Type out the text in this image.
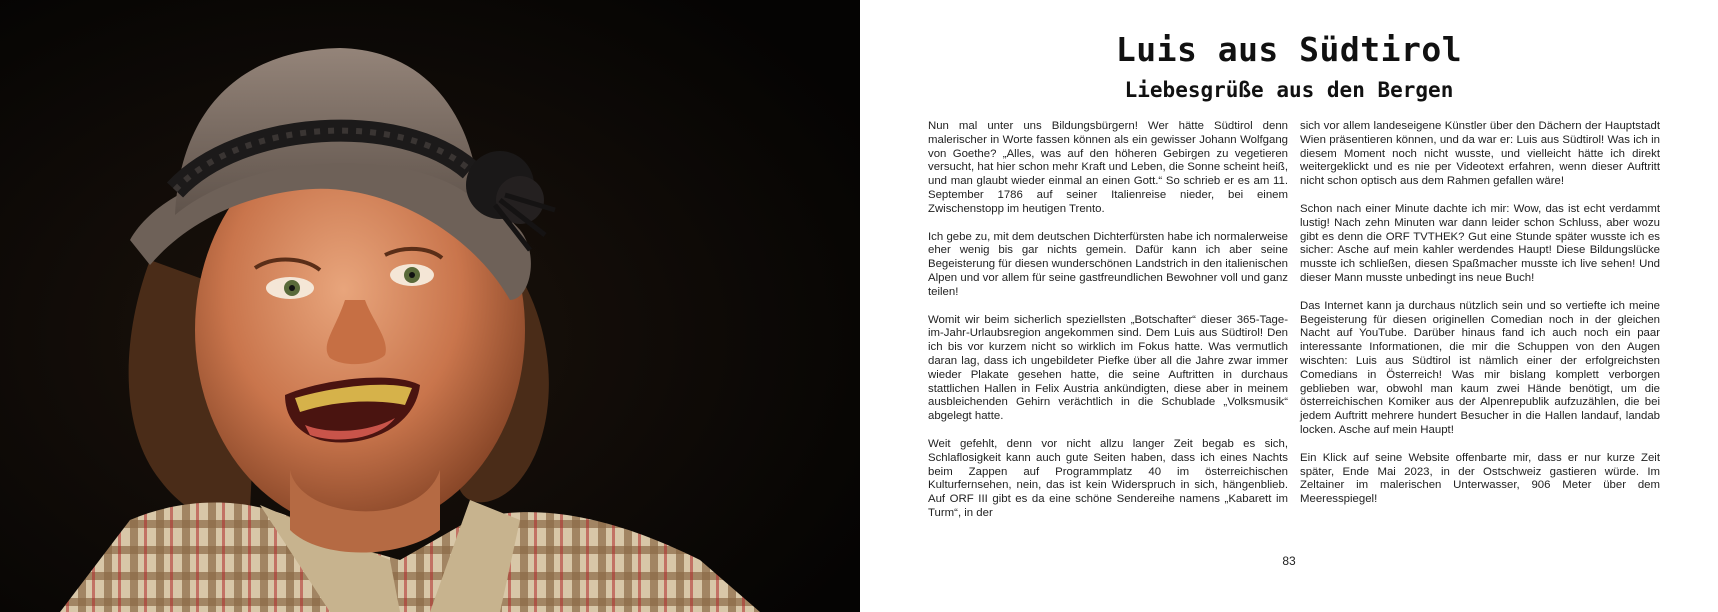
Luis aus Südtirol
Liebesgrüße aus den Bergen

Nun mal unter uns Bildungsbürgern! Wer hätte Südtirol denn malerischer in Worte fassen können als ein gewisser Johann Wolfgang von Goethe? „Alles, was auf den höheren Gebirgen zu vegetieren versucht, hat hier schon mehr Kraft und Leben, die Sonne scheint heiß, und man glaubt wieder einmal an einen Gott.“ So schrieb er es am 11. September 1786 auf seiner Italienreise nieder, bei einem Zwischenstopp im heutigen Trento.

Ich gebe zu, mit dem deutschen Dichterfürsten habe ich normalerweise eher wenig bis gar nichts gemein. Dafür kann ich aber seine Begeisterung für diesen wunderschönen Landstrich in den italienischen Alpen und vor allem für seine gastfreundlichen Bewohner voll und ganz teilen!

Womit wir beim sicherlich speziellsten „Botschafter“ dieser 365-Tage-im-Jahr-Urlaubsregion angekommen sind. Dem Luis aus Südtirol! Den ich bis vor kurzem nicht so wirklich im Fokus hatte. Was vermutlich daran lag, dass ich ungebildeter Piefke über all die Jahre zwar immer wieder Plakate gesehen hatte, die seine Auftritten in durchaus stattlichen Hallen in Felix Austria ankündigten, diese aber in meinem ausbleichenden Gehirn verächtlich in die Schublade „Volksmusik“ abgelegt hatte.

Weit gefehlt, denn vor nicht allzu langer Zeit begab es sich, Schlaflosigkeit kann auch gute Seiten haben, dass ich eines Nachts beim Zappen auf Programmplatz 40 im österreichischen Kulturfernsehen, nein, das ist kein Widerspruch in sich, hängenblieb. Auf ORF III gibt es da eine schöne Sendereihe namens „Kabarett im Turm“, in der

sich vor allem landeseigene Künstler über den Dächern der Hauptstadt Wien präsentieren können, und da war er: Luis aus Südtirol! Was ich in diesem Moment noch nicht wusste, und vielleicht hätte ich direkt weitergeklickt und es nie per Videotext erfahren, wenn dieser Auftritt nicht schon optisch aus dem Rahmen gefallen wäre!

Schon nach einer Minute dachte ich mir: Wow, das ist echt verdammt lustig! Nach zehn Minuten war dann leider schon Schluss, aber wozu gibt es denn die ORF TVTHEK? Gut eine Stunde später wusste ich es sicher: Asche auf mein kahler werdendes Haupt! Diese Bildungslücke musste ich schließen, diesen Spaßmacher musste ich live sehen! Und dieser Mann musste unbedingt ins neue Buch!

Das Internet kann ja durchaus nützlich sein und so vertiefte ich meine Begeisterung für diesen originellen Comedian noch in der gleichen Nacht auf YouTube. Darüber hinaus fand ich auch noch ein paar interessante Informationen, die mir die Schuppen von den Augen wischten: Luis aus Südtirol ist nämlich einer der erfolgreichsten Comedians in Österreich! Was mir bislang komplett verborgen geblieben war, obwohl man kaum zwei Hände benötigt, um die österreichischen Komiker aus der Alpenrepublik aufzuzählen, die bei jedem Auftritt mehrere hundert Besucher in die Hallen landauf, landab locken. Asche auf mein Haupt!

Ein Klick auf seine Website offenbarte mir, dass er nur kurze Zeit später, Ende Mai 2023, in der Ostschweiz gastieren würde. Im Zeltainer im malerischen Unterwasser, 906 Meter über dem Meeresspiegel!

83
